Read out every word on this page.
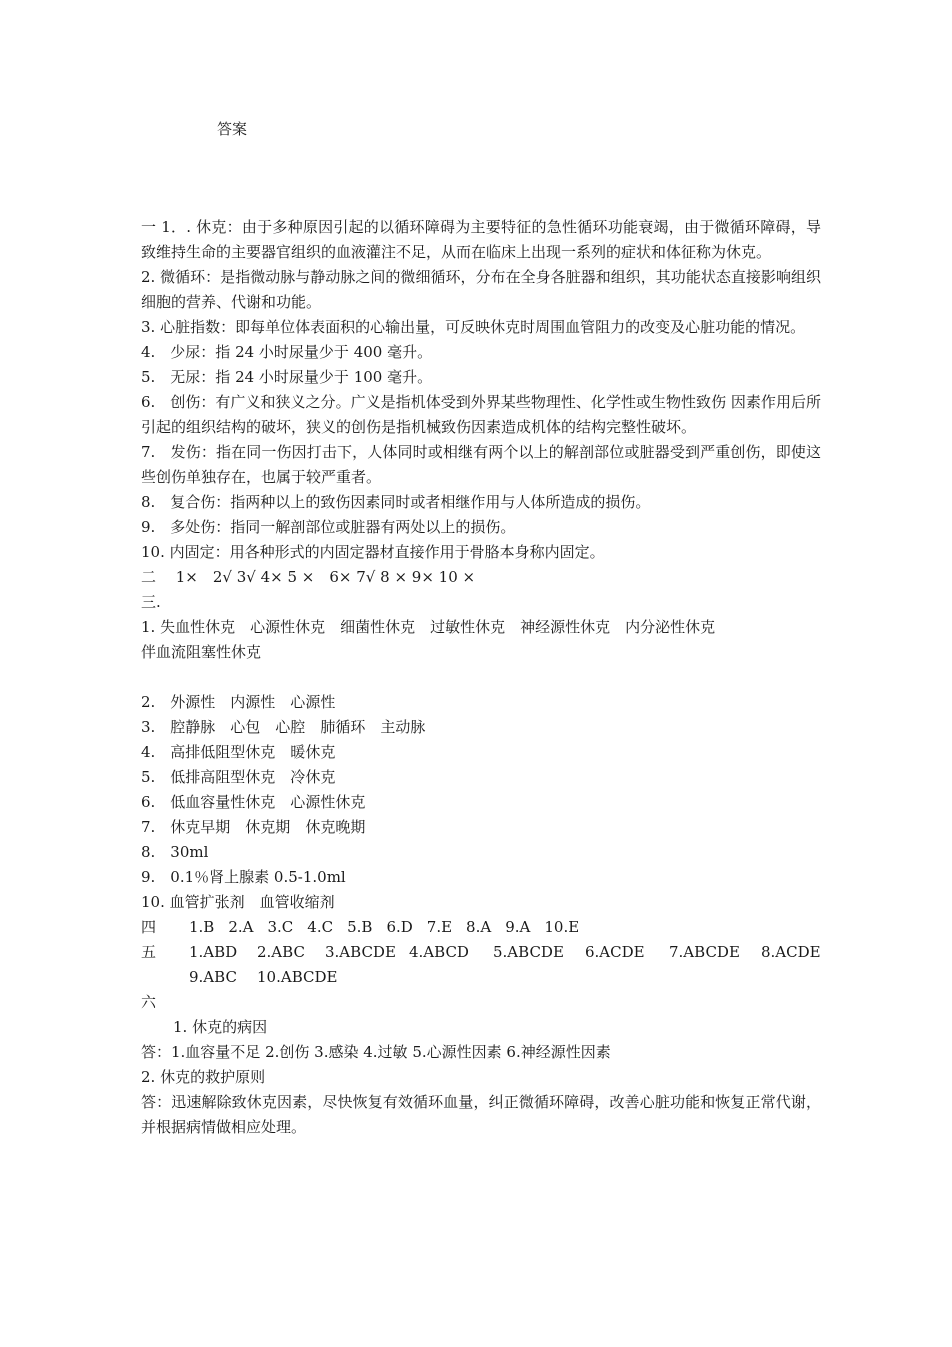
答案

一 1．. 休克：由于多种原因引起的以循环障碍为主要特征的急性循环功能衰竭，由于微循环障碍，导致维持生命的主要器官组织的血液灌注不足，从而在临床上出现一系列的症状和体征称为休克。

2. 微循环：是指微动脉与静动脉之间的微细循环，分布在全身各脏器和组织，其功能状态直接影响组织细胞的营养、代谢和功能。

3. 心脏指数：即每单位体表面积的心输出量，可反映休克时周围血管阻力的改变及心脏功能的情况。

4.　少尿：指 24 小时尿量少于 400 毫升。

5.　无尿：指 24 小时尿量少于 100 毫升。

6.　创伤：有广义和狭义之分。广义是指机体受到外界某些物理性、化学性或生物性致伤 因素作用后所引起的组织结构的破坏，狭义的创伤是指机械致伤因素造成机体的结构完整性破坏。

7.　发伤：指在同一伤因打击下，人体同时或相继有两个以上的解剖部位或脏器受到严重创伤，即使这些创伤单独存在，也属于较严重者。

8.　复合伤：指两种以上的致伤因素同时或者相继作用与人体所造成的损伤。

9.　多处伤：指同一解剖部位或脏器有两处以上的损伤。

10. 内固定：用各种形式的内固定器材直接作用于骨胳本身称内固定。

二　 1×　2√ 3√ 4× 5 ×　6× 7√ 8 × 9× 10 ×

三.

1. 失血性休克　心源性休克　细菌性休克　过敏性休克　神经源性休克　内分泌性休克

伴血流阻塞性休克

2.　外源性　内源性　心源性

3.　腔静脉　心包　心腔　肺循环　主动脉

4.　高排低阻型休克　暖休克

5.　低排高阻型休克　冷休克

6.　低血容量性休克　心源性休克

7.　休克早期　休克期　休克晚期

8.　30ml

9.　0.1％肾上腺素 0.5-1.0ml

10. 血管扩张剂　血管收缩剂

四	1.B 2.A 3.C 4.C 5.B 6.D 7.E 8.A 9.A 10.E
五	1.ABD	2.ABC	3.ABCDE 4.ABCD	5.ABCDE	6.ACDE	7.ABCDE	8.ACDE
9.ABC	10.ABCDE

六

1. 休克的病因

答：1.血容量不足 2.创伤 3.感染 4.过敏 5.心源性因素 6.神经源性因素

2. 休克的救护原则

答：迅速解除致休克因素，尽快恢复有效循环血量，纠正微循环障碍，改善心脏功能和恢复正常代谢，并根据病情做相应处理。
